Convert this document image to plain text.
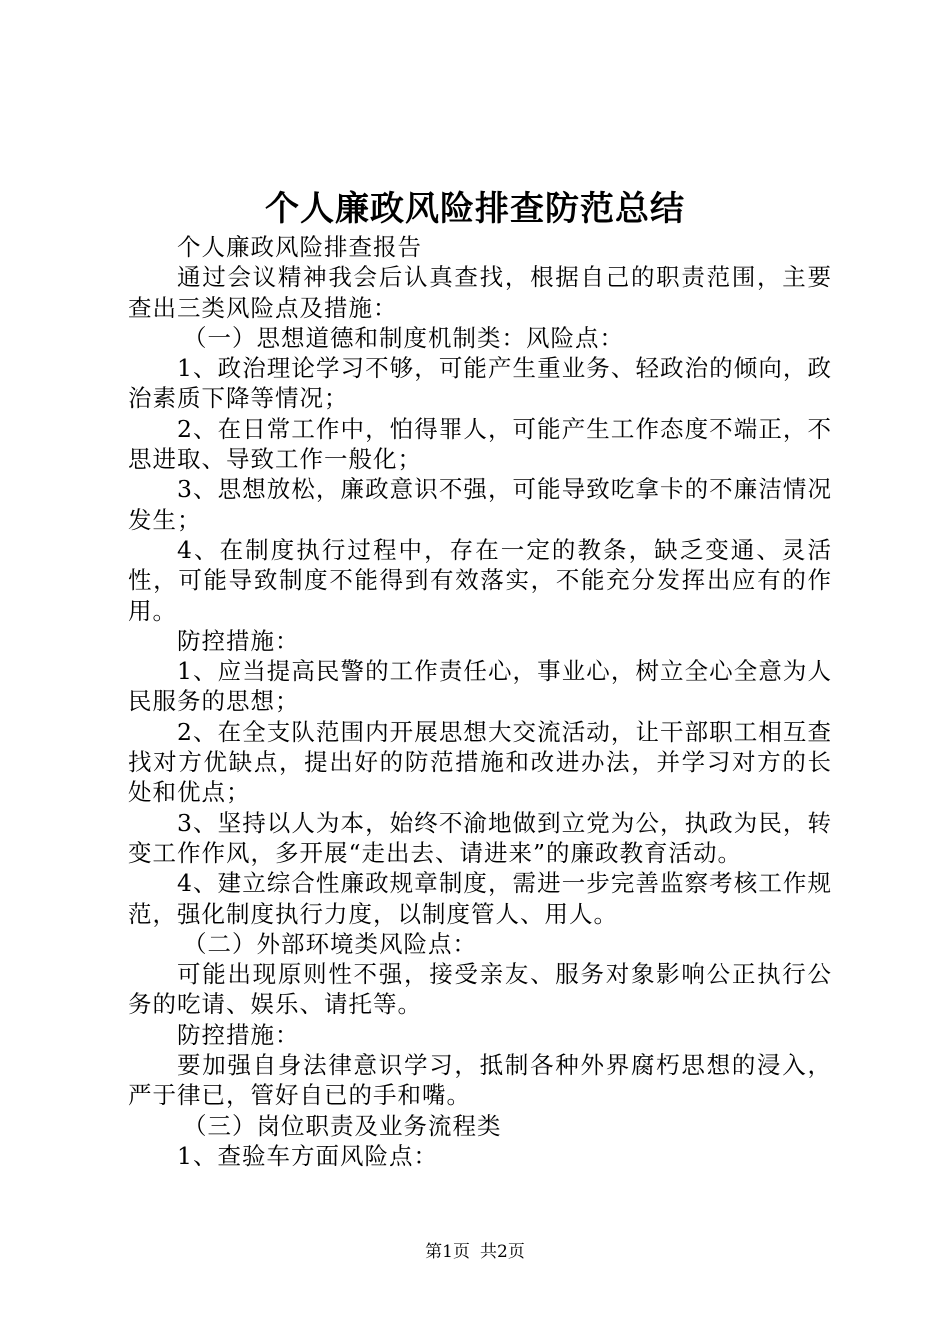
个人廉政风险排查防范总结

个人廉政风险排查报告

通过会议精神我会后认真查找，根据自己的职责范围，主要查出三类风险点及措施：

（一）思想道德和制度机制类：风险点：

1、政治理论学习不够，可能产生重业务、轻政治的倾向，政治素质下降等情况；

2、在日常工作中，怕得罪人，可能产生工作态度不端正，不思进取、导致工作一般化；

3、思想放松，廉政意识不强，可能导致吃拿卡的不廉洁情况发生；

4、在制度执行过程中，存在一定的教条，缺乏变通、灵活性，可能导致制度不能得到有效落实，不能充分发挥出应有的作用。

防控措施：

1、应当提高民警的工作责任心，事业心，树立全心全意为人民服务的思想；

2、在全支队范围内开展思想大交流活动，让干部职工相互查找对方优缺点，提出好的防范措施和改进办法，并学习对方的长处和优点；

3、坚持以人为本，始终不渝地做到立党为公，执政为民，转变工作作风，多开展“走出去、请进来”的廉政教育活动。

4、建立综合性廉政规章制度，需进一步完善监察考核工作规范，强化制度执行力度，以制度管人、用人。

（二）外部环境类风险点：

可能出现原则性不强，接受亲友、服务对象影响公正执行公务的吃请、娱乐、请托等。

防控措施：

要加强自身法律意识学习，抵制各种外界腐朽思想的浸入，严于律已，管好自已的手和嘴。

（三）岗位职责及业务流程类

1、查验车方面风险点：

第1页 共2页
